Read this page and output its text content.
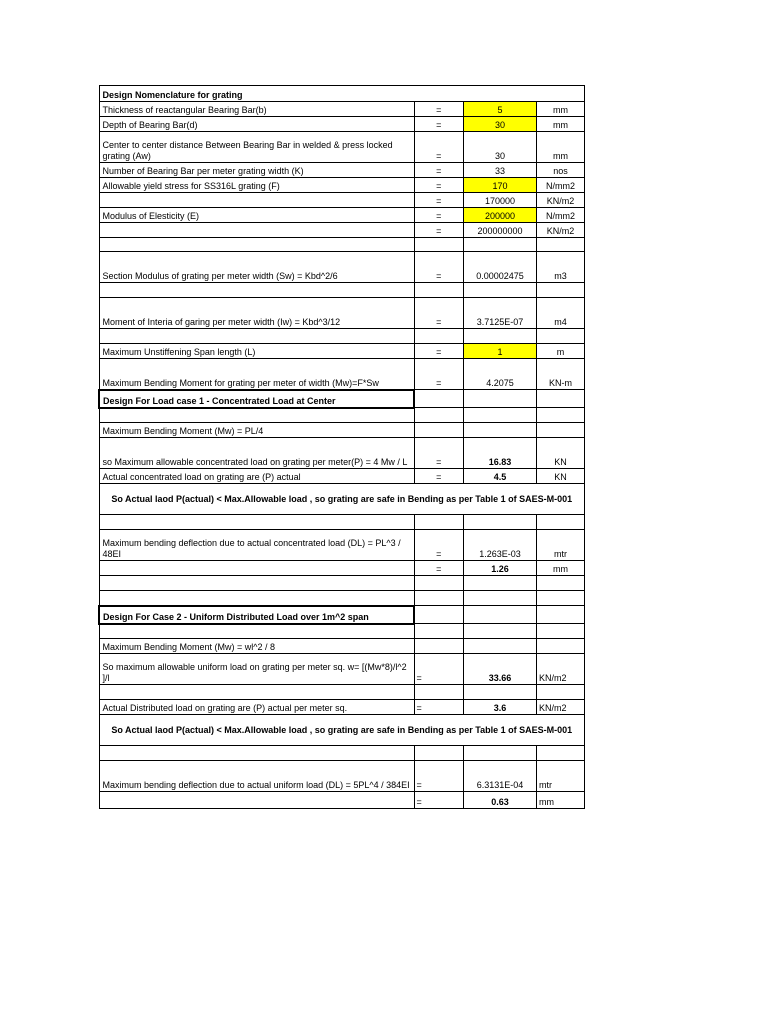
Design Nomenclature for grating			
Thickness of reactangular Bearing Bar(b)	=	5	mm
Depth of Bearing Bar(d)	=	30	mm
Center to center distance Between Bearing Bar in welded & press locked grating (Aw)	=	30	mm
Number of Bearing Bar per meter grating width (K)	=	33	nos
Allowable yield stress for SS316L grating (F)	=	170	N/mm2
	=	170000	KN/m2
Modulus of Elesticity (E)	=	200000	N/mm2
	=	200000000	KN/m2

Section Modulus of grating per meter width (Sw) = Kbd^2/6	=	0.00002475	m3

Moment of Interia of garing per meter width (Iw) = Kbd^3/12	=	3.7125E-07	m4

Maximum Unstiffening Span length (L)	=	1	m
Maximum Bending Moment for grating per meter of width (Mw)=F*Sw	=	4.2075	KN-m
Design For Load case 1 - Concentrated Load at Center			

Maximum Bending Moment (Mw) = PL/4			
so Maximum allowable concentrated load on grating per meter(P) = 4 Mw / L	=	16.83	KN
Actual concentrated load on grating are (P) actual	=	4.5	KN
So Actual laod P(actual) < Max.Allowable load , so grating are safe in Bending as per Table 1 of SAES-M-001			

Maximum bending deflection due to actual concentrated load (DL) = PL^3 / 48EI	=	1.263E-03	mtr
	=	1.26	mm

Design For Case 2 - Uniform Distributed Load over 1m^2 span			

Maximum Bending Moment (Mw) = wl^2 / 8			
So maximum allowable uniform load on grating per meter sq. w= [(Mw*8)/l^2 ]/l	=	33.66	KN/m2

Actual Distributed load on grating are (P) actual per meter sq.	=	3.6	KN/m2
So Actual laod P(actual) < Max.Allowable load , so grating are safe in Bending as per Table 1 of SAES-M-001			

Maximum bending deflection due to actual uniform load (DL) = 5PL^4 / 384EI	=	6.3131E-04	mtr
	=	0.63	mm
